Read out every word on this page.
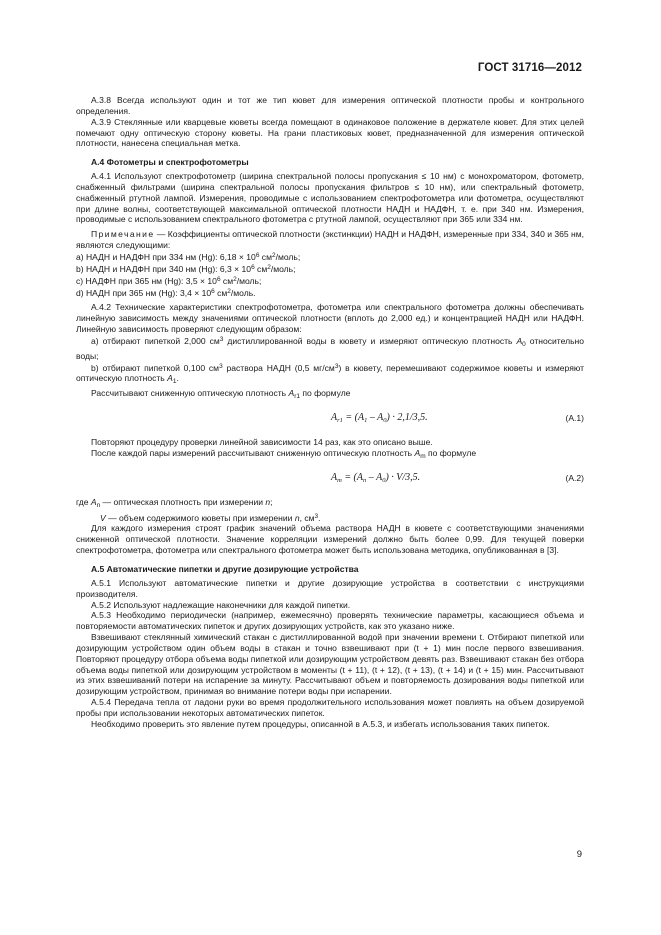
ГОСТ 31716—2012

А.3.8 Всегда используют один и тот же тип кювет для измерения оптической плотности пробы и контрольного определения.

А.3.9 Стеклянные или кварцевые кюветы всегда помещают в одинаковое положение в держателе кювет. Для этих целей помечают одну оптическую сторону кюветы. На грани пластиковых кювет, предназначенной для измерения оптической плотности, нанесена специальная метка.

А.4 Фотометры и спектрофотометры

А.4.1 Используют спектрофотометр (ширина спектральной полосы пропускания ≤ 10 нм) с монохроматором, фотометр, снабженный фильтрами (ширина спектральной полосы пропускания фильтров ≤ 10 нм), или спектральный фотометр, снабженный ртутной лампой. Измерения, проводимые с использованием спектрофотометра или фотометра, осуществляют при длине волны, соответствующей максимальной оптической плотности НАДН и НАДФН, т. е. при 340 нм. Измерения, проводимые с использованием спектрального фотометра с ртутной лампой, осуществляют при 365 или 334 нм.

Примечание — Коэффициенты оптической плотности (экстинкции) НАДН и НАДФН, измеренные при 334, 340 и 365 нм, являются следующими:

а) НАДН и НАДФН при 334 нм (Hg): $6,18 \times 10^6$ $см^2$/моль;

b) НАДН и НАДФН при 340 нм (Hg): $6,3 \times 10^6$ $см^2$/моль;

c) НАДФН при 365 нм (Hg): $3,5 \times 10^6$ $см^2$/моль;

d) НАДН при 365 нм (Hg): $3,4 \times 10^6$ $см^2$/моль.

А.4.2 Технические характеристики спектрофотометра, фотометра или спектрального фотометра должны обеспечивать линейную зависимость между значениями оптической плотности (вплоть до 2,000 ед.) и концентрацией НАДН или НАДФН. Линейную зависимость проверяют следующим образом:

а) отбирают пипеткой 2,000 $см^3$ дистиллированной воды в кювету и измеряют оптическую плотность $A_0$ относительно воды;

b) отбирают пипеткой 0,100 $см^3$ раствора НАДН (0,5 $мг/см^3$) в кювету, перемешивают содержимое кюветы и измеряют оптическую плотность $A_1$.

Рассчитывают сниженную оптическую плотность $A_{r1}$ по формуле

$A_{r1} = (A_1 - A_0) \cdot 2,1/3,5$.	(А.1)

Повторяют процедуру проверки линейной зависимости 14 раз, как это описано выше.

После каждой пары измерений рассчитывают сниженную оптическую плотность $A_m$ по формуле

$A_m = (A_n - A_0) \cdot V/3,5$.	(А.2)

где $A_n$ — оптическая плотность при измерении n;

V — объем содержимого кюветы при измерении n, $см^3$.

Для каждого измерения строят график значений объема раствора НАДН в кювете с соответствующими значениями сниженной оптической плотности. Значение корреляции измерений должно быть более 0,99. Для текущей поверки спектрофотометра, фотометра или спектрального фотометра может быть использована методика, опубликованная в [3].

А.5 Автоматические пипетки и другие дозирующие устройства

А.5.1 Используют автоматические пипетки и другие дозирующие устройства в соответствии с инструкциями производителя.

А.5.2 Используют надлежащие наконечники для каждой пипетки.

А.5.3 Необходимо периодически (например, ежемесячно) проверять технические параметры, касающиеся объема и повторяемости автоматических пипеток и других дозирующих устройств, как это указано ниже.

Взвешивают стеклянный химический стакан с дистиллированной водой при значении времени t. Отбирают пипеткой или дозирующим устройством один объем воды в стакан и точно взвешивают при (t + 1) мин после первого взвешивания. Повторяют процедуру отбора объема воды пипеткой или дозирующим устройством девять раз. Взвешивают стакан без отбора объема воды пипеткой или дозирующим устройством в моменты (t + 11), (t + 12), (t + 13), (t + 14) и (t + 15) мин. Рассчитывают из этих взвешиваний потери на испарение за минуту. Рассчитывают объем и повторяемость дозирования воды пипеткой или дозирующим устройством, принимая во внимание потери воды при испарении.

А.5.4 Передача тепла от ладони руки во время продолжительного использования может повлиять на объем дозируемой пробы при использовании некоторых автоматических пипеток.

Необходимо проверить это явление путем процедуры, описанной в А.5.3, и избегать использования таких пипеток.

9
